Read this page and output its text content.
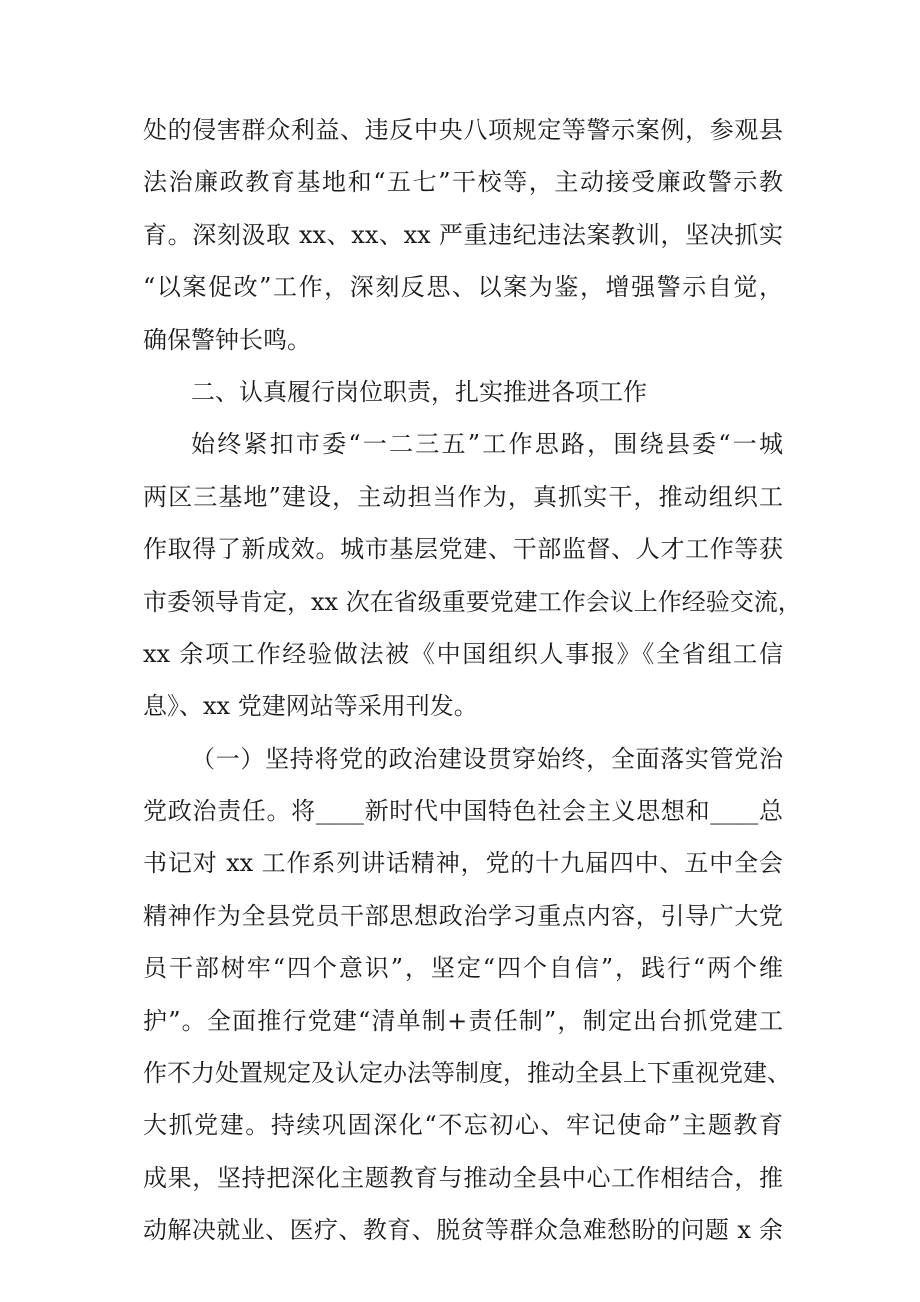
处的侵害群众利益、违反中央八项规定等警示案例，参观县
法治廉政教育基地和“五七”干校等，主动接受廉政警示教
育。深刻汲取 xx、xx、xx 严重违纪违法案教训，坚决抓实
“以案促改”工作，深刻反思、以案为鉴，增强警示自觉，
确保警钟长鸣。
二、认真履行岗位职责，扎实推进各项工作
始终紧扣市委“一二三五”工作思路，围绕县委“一城
两区三基地”建设，主动担当作为，真抓实干，推动组织工
作取得了新成效。城市基层党建、干部监督、人才工作等获
市委领导肯定，xx 次在省级重要党建工作会议上作经验交流，
xx 余项工作经验做法被《中国组织人事报》《全省组工信
息》、xx 党建网站等采用刊发。
（一）坚持将党的政治建设贯穿始终，全面落实管党治
党政治责任。将____新时代中国特色社会主义思想和____总
书记对 xx 工作系列讲话精神，党的十九届四中、五中全会
精神作为全县党员干部思想政治学习重点内容，引导广大党
员干部树牢“四个意识”，坚定“四个自信”，践行“两个维
护”。全面推行党建“清单制+责任制”，制定出台抓党建工
作不力处置规定及认定办法等制度，推动全县上下重视党建、
大抓党建。持续巩固深化“不忘初心、牢记使命”主题教育
成果，坚持把深化主题教育与推动全县中心工作相结合，推
动解决就业、医疗、教育、脱贫等群众急难愁盼的问题 x 余
